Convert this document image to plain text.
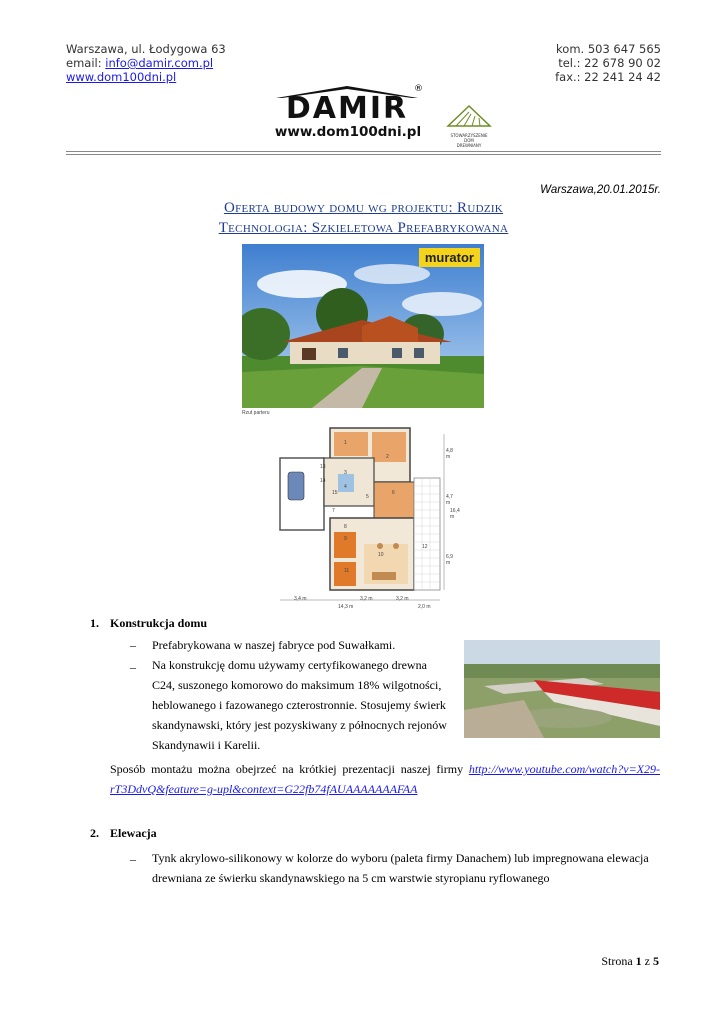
Warszawa, ul. Łodygowa 63
email: info@damir.com.pl
www.dom100dni.pl
kom. 503 647 565
tel.: 22 678 90 02
fax.: 22 241 24 42
DAMIR
®
www.dom100dni.pl	STOWARZYSZENIE
DOM
DREWNIANY
Warszawa,20.01.2015r.
Oferta budowy domu wg projektu: Rudzik
Technologia: Szkieletowa Prefabrykowana
murator
Rzut parteru
3,4 m	3,2 m	3,2 m
14,3 m	2,0 m
4,8 m
4,7 m
16,4 m
6,9 m
1
2
3
4
5
6
7
8
9
10
11
12
13
14
15
1. Konstrukcja domu
– Prefabrykowana w naszej fabryce pod Suwałkami.
– Na konstrukcję domu używamy certyfikowanego drewna
C24, suszonego komorowo do maksimum 18% wilgotności,
heblowanego i fazowanego czterostronnie. Stosujemy świerk
skandynawski, który jest pozyskiwany z północnych rejonów
Skandynawii i Karelii.
Sposób montażu można obejrzeć na krótkiej prezentacji naszej firmy http://www.youtube.com/watch?v=X29-
rT3DdvQ&feature=g-upl&context=G22fb74fAUAAAAAAAFAA
2. Elewacja
– Tynk akrylowo-silikonowy w kolorze do wyboru (paleta firmy Danachem) lub impregnowana elewacja
drewniana ze świerku skandynawskiego na 5 cm warstwie styropianu ryflowanego
Strona 1 z 5
